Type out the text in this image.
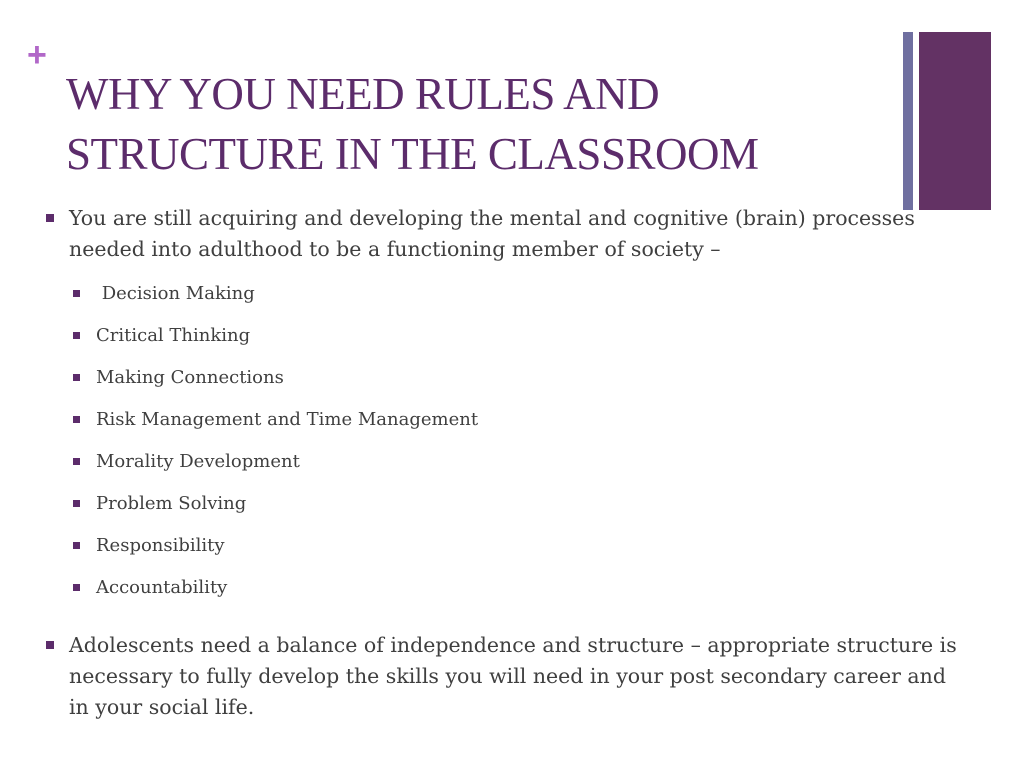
+
WHY YOU NEED RULES AND STRUCTURE IN THE CLASSROOM
You are still acquiring and developing the mental and cognitive (brain) processes needed into adulthood to be a functioning member of society –
Decision Making
Critical Thinking
Making Connections
Risk Management and Time Management
Morality Development
Problem Solving
Responsibility
Accountability
Adolescents need a balance of independence and structure – appropriate structure is necessary to fully develop the skills you will need in your post secondary career and in your social life.
